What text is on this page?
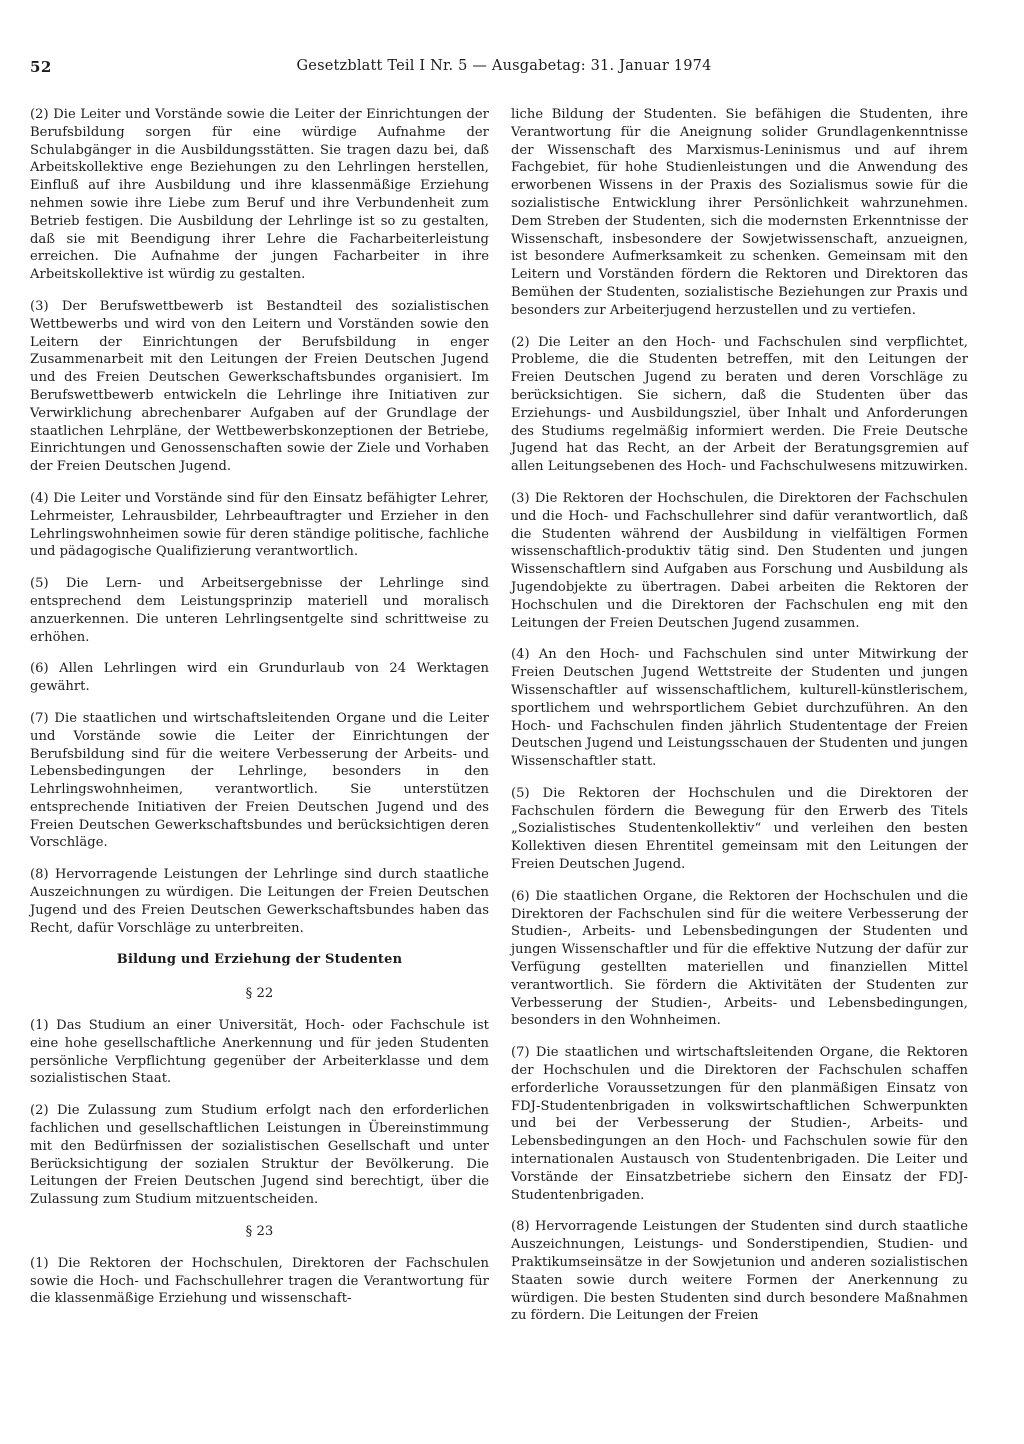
52	Gesetzblatt Teil I Nr. 5 — Ausgabetag: 31. Januar 1974

(2) Die Leiter und Vorstände sowie die Leiter der Einrichtungen der Berufsbildung sorgen für eine würdige Aufnahme der Schulabgänger in die Ausbildungsstätten. Sie tragen dazu bei, daß Arbeitskollektive enge Beziehungen zu den Lehrlingen herstellen, Einfluß auf ihre Ausbildung und ihre klassenmäßige Erziehung nehmen sowie ihre Liebe zum Beruf und ihre Verbundenheit zum Betrieb festigen. Die Ausbildung der Lehrlinge ist so zu gestalten, daß sie mit Beendigung ihrer Lehre die Facharbeiterleistung erreichen. Die Aufnahme der jungen Facharbeiter in ihre Arbeitskollektive ist würdig zu gestalten.

(3) Der Berufswettbewerb ist Bestandteil des sozialistischen Wettbewerbs und wird von den Leitern und Vorständen sowie den Leitern der Einrichtungen der Berufsbildung in enger Zusammenarbeit mit den Leitungen der Freien Deutschen Jugend und des Freien Deutschen Gewerkschaftsbundes organisiert. Im Berufswettbewerb entwickeln die Lehrlinge ihre Initiativen zur Verwirklichung abrechenbarer Aufgaben auf der Grundlage der staatlichen Lehrpläne, der Wettbewerbskonzeptionen der Betriebe, Einrichtungen und Genossenschaften sowie der Ziele und Vorhaben der Freien Deutschen Jugend.

(4) Die Leiter und Vorstände sind für den Einsatz befähigter Lehrer, Lehrmeister, Lehrausbilder, Lehrbeauftragter und Erzieher in den Lehrlingswohnheimen sowie für deren ständige politische, fachliche und pädagogische Qualifizierung verantwortlich.

(5) Die Lern- und Arbeitsergebnisse der Lehrlinge sind entsprechend dem Leistungsprinzip materiell und moralisch anzuerkennen. Die unteren Lehrlingsentgelte sind schrittweise zu erhöhen.

(6) Allen Lehrlingen wird ein Grundurlaub von 24 Werktagen gewährt.

(7) Die staatlichen und wirtschaftsleitenden Organe und die Leiter und Vorstände sowie die Leiter der Einrichtungen der Berufsbildung sind für die weitere Verbesserung der Arbeits- und Lebensbedingungen der Lehrlinge, besonders in den Lehrlingswohnheimen, verantwortlich. Sie unterstützen entsprechende Initiativen der Freien Deutschen Jugend und des Freien Deutschen Gewerkschaftsbundes und berücksichtigen deren Vorschläge.

(8) Hervorragende Leistungen der Lehrlinge sind durch staatliche Auszeichnungen zu würdigen. Die Leitungen der Freien Deutschen Jugend und des Freien Deutschen Gewerkschaftsbundes haben das Recht, dafür Vorschläge zu unterbreiten.

Bildung und Erziehung der Studenten
§ 22

(1) Das Studium an einer Universität, Hoch- oder Fachschule ist eine hohe gesellschaftliche Anerkennung und für jeden Studenten persönliche Verpflichtung gegenüber der Arbeiterklasse und dem sozialistischen Staat.

(2) Die Zulassung zum Studium erfolgt nach den erforderlichen fachlichen und gesellschaftlichen Leistungen in Übereinstimmung mit den Bedürfnissen der sozialistischen Gesellschaft und unter Berücksichtigung der sozialen Struktur der Bevölkerung. Die Leitungen der Freien Deutschen Jugend sind berechtigt, über die Zulassung zum Studium mitzuentscheiden.

§ 23

(1) Die Rektoren der Hochschulen, Direktoren der Fachschulen sowie die Hoch- und Fachschullehrer tragen die Verantwortung für die klassenmäßige Erziehung und wissenschaft-

liche Bildung der Studenten. Sie befähigen die Studenten, ihre Verantwortung für die Aneignung solider Grundlagenkenntnisse der Wissenschaft des Marxismus-Leninismus und auf ihrem Fachgebiet, für hohe Studienleistungen und die Anwendung des erworbenen Wissens in der Praxis des Sozialismus sowie für die sozialistische Entwicklung ihrer Persönlichkeit wahrzunehmen. Dem Streben der Studenten, sich die modernsten Erkenntnisse der Wissenschaft, insbesondere der Sowjetwissenschaft, anzueignen, ist besondere Aufmerksamkeit zu schenken. Gemeinsam mit den Leitern und Vorständen fördern die Rektoren und Direktoren das Bemühen der Studenten, sozialistische Beziehungen zur Praxis und besonders zur Arbeiterjugend herzustellen und zu vertiefen.

(2) Die Leiter an den Hoch- und Fachschulen sind verpflichtet, Probleme, die die Studenten betreffen, mit den Leitungen der Freien Deutschen Jugend zu beraten und deren Vorschläge zu berücksichtigen. Sie sichern, daß die Studenten über das Erziehungs- und Ausbildungsziel, über Inhalt und Anforderungen des Studiums regelmäßig informiert werden. Die Freie Deutsche Jugend hat das Recht, an der Arbeit der Beratungsgremien auf allen Leitungsebenen des Hoch- und Fachschulwesens mitzuwirken.

(3) Die Rektoren der Hochschulen, die Direktoren der Fachschulen und die Hoch- und Fachschullehrer sind dafür verantwortlich, daß die Studenten während der Ausbildung in vielfältigen Formen wissenschaftlich-produktiv tätig sind. Den Studenten und jungen Wissenschaftlern sind Aufgaben aus Forschung und Ausbildung als Jugendobjekte zu übertragen. Dabei arbeiten die Rektoren der Hochschulen und die Direktoren der Fachschulen eng mit den Leitungen der Freien Deutschen Jugend zusammen.

(4) An den Hoch- und Fachschulen sind unter Mitwirkung der Freien Deutschen Jugend Wettstreite der Studenten und jungen Wissenschaftler auf wissenschaftlichem, kulturell-künstlerischem, sportlichem und wehrsportlichem Gebiet durchzuführen. An den Hoch- und Fachschulen finden jährlich Studententage der Freien Deutschen Jugend und Leistungsschauen der Studenten und jungen Wissenschaftler statt.

(5) Die Rektoren der Hochschulen und die Direktoren der Fachschulen fördern die Bewegung für den Erwerb des Titels „Sozialistisches Studentenkollektiv“ und verleihen den besten Kollektiven diesen Ehrentitel gemeinsam mit den Leitungen der Freien Deutschen Jugend.

(6) Die staatlichen Organe, die Rektoren der Hochschulen und die Direktoren der Fachschulen sind für die weitere Verbesserung der Studien-, Arbeits- und Lebensbedingungen der Studenten und jungen Wissenschaftler und für die effektive Nutzung der dafür zur Verfügung gestellten materiellen und finanziellen Mittel verantwortlich. Sie fördern die Aktivitäten der Studenten zur Verbesserung der Studien-, Arbeits- und Lebensbedingungen, besonders in den Wohnheimen.

(7) Die staatlichen und wirtschaftsleitenden Organe, die Rektoren der Hochschulen und die Direktoren der Fachschulen schaffen erforderliche Voraussetzungen für den planmäßigen Einsatz von FDJ-Studentenbrigaden in volkswirtschaftlichen Schwerpunkten und bei der Verbesserung der Studien-, Arbeits- und Lebensbedingungen an den Hoch- und Fachschulen sowie für den internationalen Austausch von Studentenbrigaden. Die Leiter und Vorstände der Einsatzbetriebe sichern den Einsatz der FDJ-Studentenbrigaden.

(8) Hervorragende Leistungen der Studenten sind durch staatliche Auszeichnungen, Leistungs- und Sonderstipendien, Studien- und Praktikumseinsätze in der Sowjetunion und anderen sozialistischen Staaten sowie durch weitere Formen der Anerkennung zu würdigen. Die besten Studenten sind durch besondere Maßnahmen zu fördern. Die Leitungen der Freien
